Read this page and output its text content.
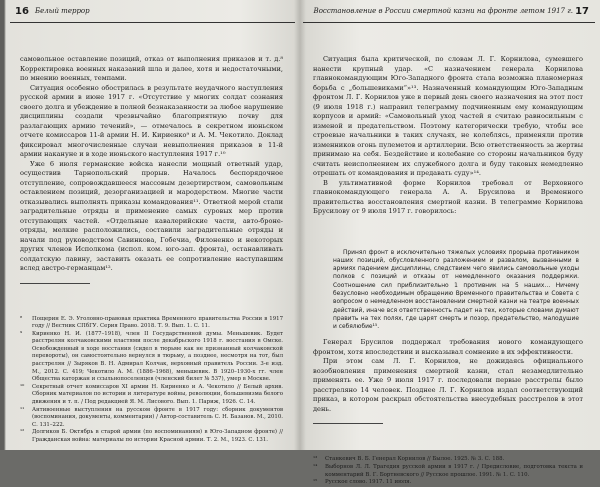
16 Белый террор

самовольное оставление позиций, отказ от выполнения приказов и т. д.⁸ Корректировка военных наказаний шла и далее, хотя и недостаточными, по мнению военных, темпами.

Ситуация особенно обострилась в результате неудачного наступления русской армии в июне 1917 г. «Отсутствие у многих солдат сознания своего долга и убеждение в полной безнаказанности за любое нарушение дисциплины создали чрезвычайно благоприятную почву для разлагающих армию течений», — отмечалось в секретном июньском отчете комиссаров 11-й армии Н. И. Кириенко⁹ и А. М. Чекотило. Доклад фиксировал многочисленные случаи невыполнения приказов в 11-й армии накануне и в ходе июньского наступления 1917 г.¹⁰

Уже 6 июля германские войска нанесли мощный ответный удар, осуществив Тарнопольский прорыв. Началось беспорядочное отступление, сопровождавшееся массовым дезертирством, самовольным оставлением позиций, дезорганизацией и мародерством. Многие части отказывались выполнять приказы командования¹¹. Ответной мерой стали заградительные отряды и применение самых суровых мер против отступающих частей. «Отдельные кавалерийские части, авто-броне-отряды, мелкие расположились, составили заградительные отряды и начали под руководством Савинкова, Гобечиа, Филоненко и некоторых других членов Исполкома (испол. ком. юго-зап. фронта), останавливать солдатскую лавину, заставить оказать ее сопротивление наступавшим вслед австро-германцам¹².

⁸ Пощерин Е. Э. Уголовно-правовая практика Временного правительства России в 1917 году // Вестник СПбГУ. Серия Право. 2018. Т. 9. Вып. 1. С. 11.

⁹ Кириенко Н. И. (1877–1918), член II Государственной думы. Меньшевик. Будет расстрелян колчаковскими властями после декабрьского 1918 г. восстания в Омске. Освобожденный в ходе восстания (сидел в тюрьме как не признанный колчаковской перевороты), он самостоятельно вернулся в тюрьму, а позднее, несмотря на тот, был расстрелян // Зыряков В. Н. Адмирал Колчак, верховный правитель России. 3-е изд. М., 2012. С. 419; Чекотило А. М. (1886–1968), меньшевик. В 1920–1930-х гг. член Общества каторжан и ссыльнопоселенцев (членский билет № 537), умер в Москве.

¹⁰ Секретный отчет комиссаров XI армии Н. Кириенко и А. Чекотило // Белый архив. Сборник материалов по истории и литературе войны, революции, большевизма белого движения и т. п. / Под редакцией Я. М. Лисового. Вып. 1. Париж, 1926. С. 14.

¹¹ Антивоенные выступления на русском фронте в 1917 году: сборник документов (воспоминания, документы, комментарии) / Автор-составитель С. Н. Базанов. М., 2010. С. 131–222.

¹² Долгиков Б. Октябрь в старой армии (по воспоминаниям) в Юго-Западном фронте) // Гражданская война: материалы по истории Красной армии. Т. 2. М., 1923. С. 131.

Восстановление в России смертной казни на фронте летом 1917 г. 17

Ситуация была критической, по словам Л. Г. Корнилова, сумевшего нанести крупный удар. «С назначением генерала Корнилова главнокомандующим Юго-Западного фронта стала возможна планомерная борьба с „большевиками“»¹³. Назначенный командующим Юго-Западным фронтом Л. Г. Корнилов уже в первый день своего назначения на этот пост (9 июля 1918 г.) направил телеграмму подчиненным ему командующим корпусов и армий: «Самовольный уход частей я считаю равносильным с изменой и предательством. Поэтому категорически требую, чтобы все строевые начальники в таких случаях, не колеблясь, применяли против изменников огонь пулеметов и артиллерии. Всю ответственность за жертвы принимаю на себя. Бездействие и колебание со стороны начальников буду считать неисполнением их служебного долга и буду таковых немедленно отрешать от командования и предавать суду»¹⁴.

В ультимативной форме Корнилов требовал от Верховного главнокомандующего генерала А. А. Брусилова и Временного правительства восстановления смертной казни. В телеграмме Корнилова Брусилову от 9 июля 1917 г. говорилось:

Принял фронт в исключительно тяжелых условиях прорыва противником наших позиций, обусловленного разложением и развалом, вызванными в армиях падением дисциплины, следствием чего явились самовольные уходы полков с позиций и отказы от немедленного оказания поддержки. Соотношение сил приблизительно 1 противник на 5 наших… Ничему безусловно необходимым обращению Временного правительства и Совета с вопросом о немедленном восстановлении смертной казни на театре военных действий, иначе вся ответственность падет на тех, которые словами думают править на тех полях, где царят смерть и позор, предательство, малодушие и себялюбие¹⁵.

Генерал Брусилов поддержал требования нового командующего фронтом, хотя впоследствии и высказывал сомнение в их эффективности.

При этом сам Л. Г. Корнилов, не дожидаясь официального возобновления применения смертной казни, стал незамедлительно применять ее. Уже 9 июля 1917 г. последовали первые расстрелы было расстреляно 14 человек. Позднее Л. Г. Корнилов издал соответствующий приказ, в котором раскрыл обстоятельства внесудебных расстрелов в этот день.

¹³ Станкевич В. Б. Генерал Корнилов // Былое. 1925. № 3. С. 188.

¹⁴ Выборнов Л. Л. Трагедия русской армии в 1917 г. / Предисловие, подготовка текста и комментарий В. Г. Бортневского // Русское прошлое. 1991. № 1. С. 110.

¹⁵ Русское слово. 1917. 11 июля.
